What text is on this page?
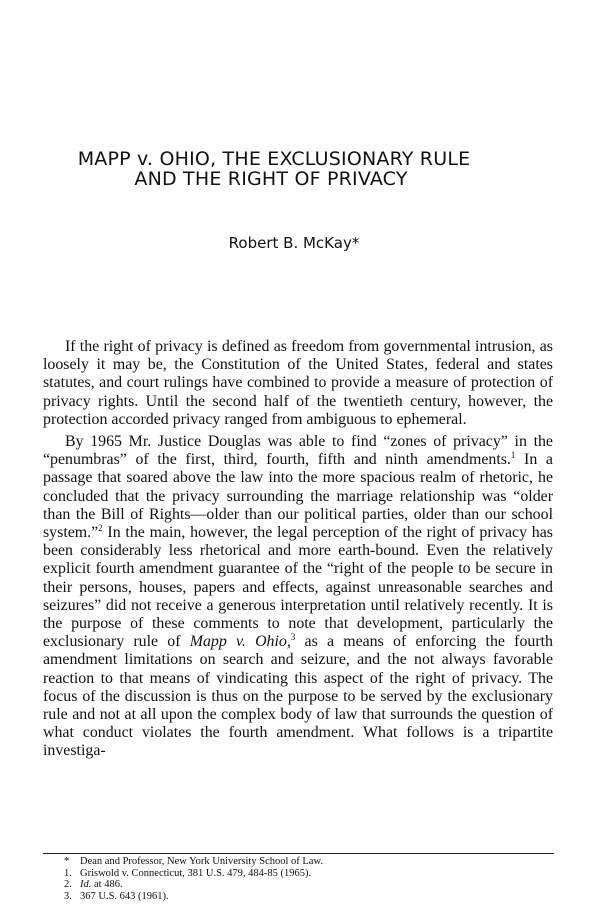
MAPP v. OHIO, THE EXCLUSIONARY RULE
AND THE RIGHT OF PRIVACY
Robert B. McKay*

If the right of privacy is defined as freedom from governmental intrusion, as loosely it may be, the Constitution of the United States, federal and states statutes, and court rulings have combined to provide a measure of protection of privacy rights. Until the second half of the twentieth century, however, the protection accorded privacy ranged from ambiguous to ephemeral.

By 1965 Mr. Justice Douglas was able to find “zones of privacy” in the “penumbras” of the first, third, fourth, fifth and ninth amendments.$^1$ In a passage that soared above the law into the more spacious realm of rhetoric, he concluded that the privacy surrounding the marriage relationship was “older than the Bill of Rights—older than our political parties, older than our school system.”$^2$ In the main, however, the legal perception of the right of privacy has been considerably less rhetorical and more earth-bound. Even the relatively explicit fourth amendment guarantee of the “right of the people to be secure in their persons, houses, papers and effects, against unreasonable searches and seizures” did not receive a generous interpretation until relatively recently. It is the purpose of these comments to note that development, particularly the exclusionary rule of Mapp v. Ohio,$^3$ as a means of enforcing the fourth amendment limitations on search and seizure, and the not always favorable reaction to that means of vindicating this aspect of the right of privacy. The focus of the discussion is thus on the purpose to be served by the exclusionary rule and not at all upon the complex body of law that surrounds the question of what conduct violates the fourth amendment. What follows is a tripartite investiga-

* Dean and Professor, New York University School of Law.
1. Griswold v. Connecticut, 381 U.S. 479, 484-85 (1965).
2. Id. at 486.
3. 367 U.S. 643 (1961).
